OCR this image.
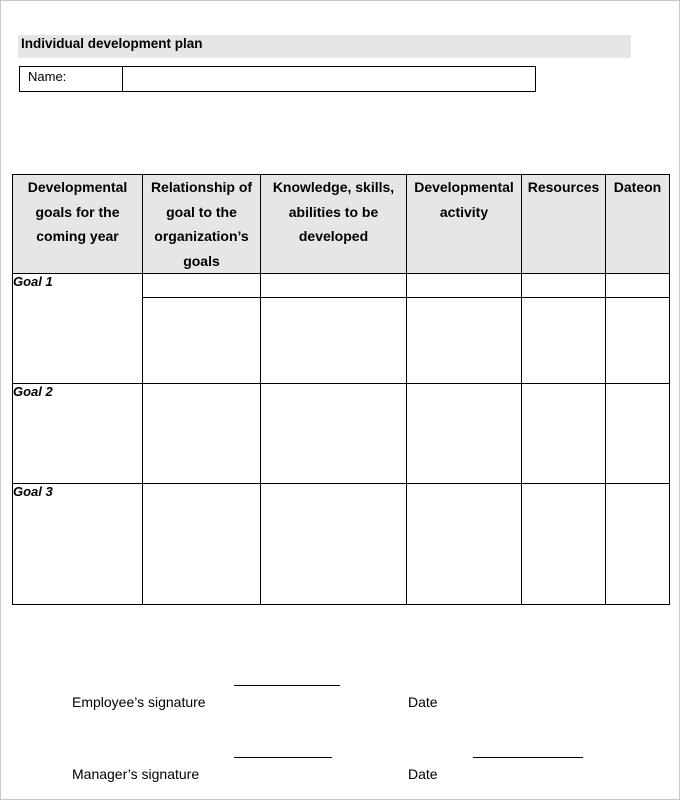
Individual development plan
Name:
Developmental goals for the coming year	Relationship of goal to the organization’s goals	Knowledge, skills, abilities to be developed	Developmental activity	Resources	Dateon
Goal 1					

Goal 2					
Goal 3					
Employee’s signature	Date
Manager’s signature	Date
